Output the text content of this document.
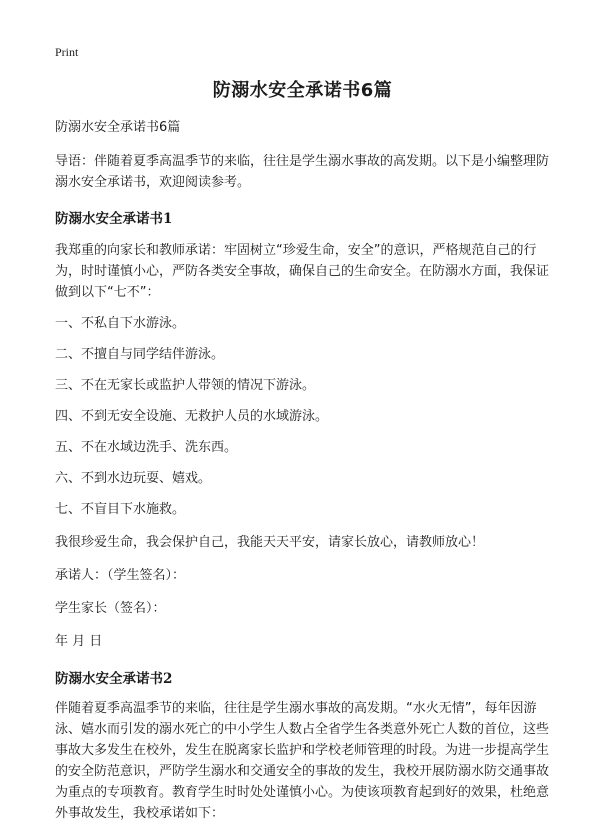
Print

防溺水安全承诺书6篇

防溺水安全承诺书6篇

导语：伴随着夏季高温季节的来临，往往是学生溺水事故的高发期。以下是小编整理防溺水安全承诺书，欢迎阅读参考。

防溺水安全承诺书1

我郑重的向家长和教师承诺：牢固树立“珍爱生命，安全”的意识，严格规范自己的行为，时时谨慎小心，严防各类安全事故，确保自己的生命安全。在防溺水方面，我保证做到以下“七不”：

一、不私自下水游泳。

二、不擅自与同学结伴游泳。

三、不在无家长或监护人带领的情况下游泳。

四、不到无安全设施、无救护人员的水域游泳。

五、不在水域边洗手、洗东西。

六、不到水边玩耍、嬉戏。

七、不盲目下水施救。

我很珍爱生命，我会保护自己，我能天天平安，请家长放心，请教师放心！

承诺人：（学生签名）：

学生家长（签名）：

年 月 日

防溺水安全承诺书2

伴随着夏季高温季节的来临，往往是学生溺水事故的高发期。“水火无情”，每年因游泳、嬉水而引发的溺水死亡的中小学生人数占全省学生各类意外死亡人数的首位，这些事故大多发生在校外，发生在脱离家长监护和学校老师管理的时段。为进一步提高学生的安全防范意识，严防学生溺水和交通安全的事故的发生，我校开展防溺水防交通事故为重点的专项教育。教育学生时时处处谨慎小心。为使该项教育起到好的效果，杜绝意外事故发生，我校承诺如下：
